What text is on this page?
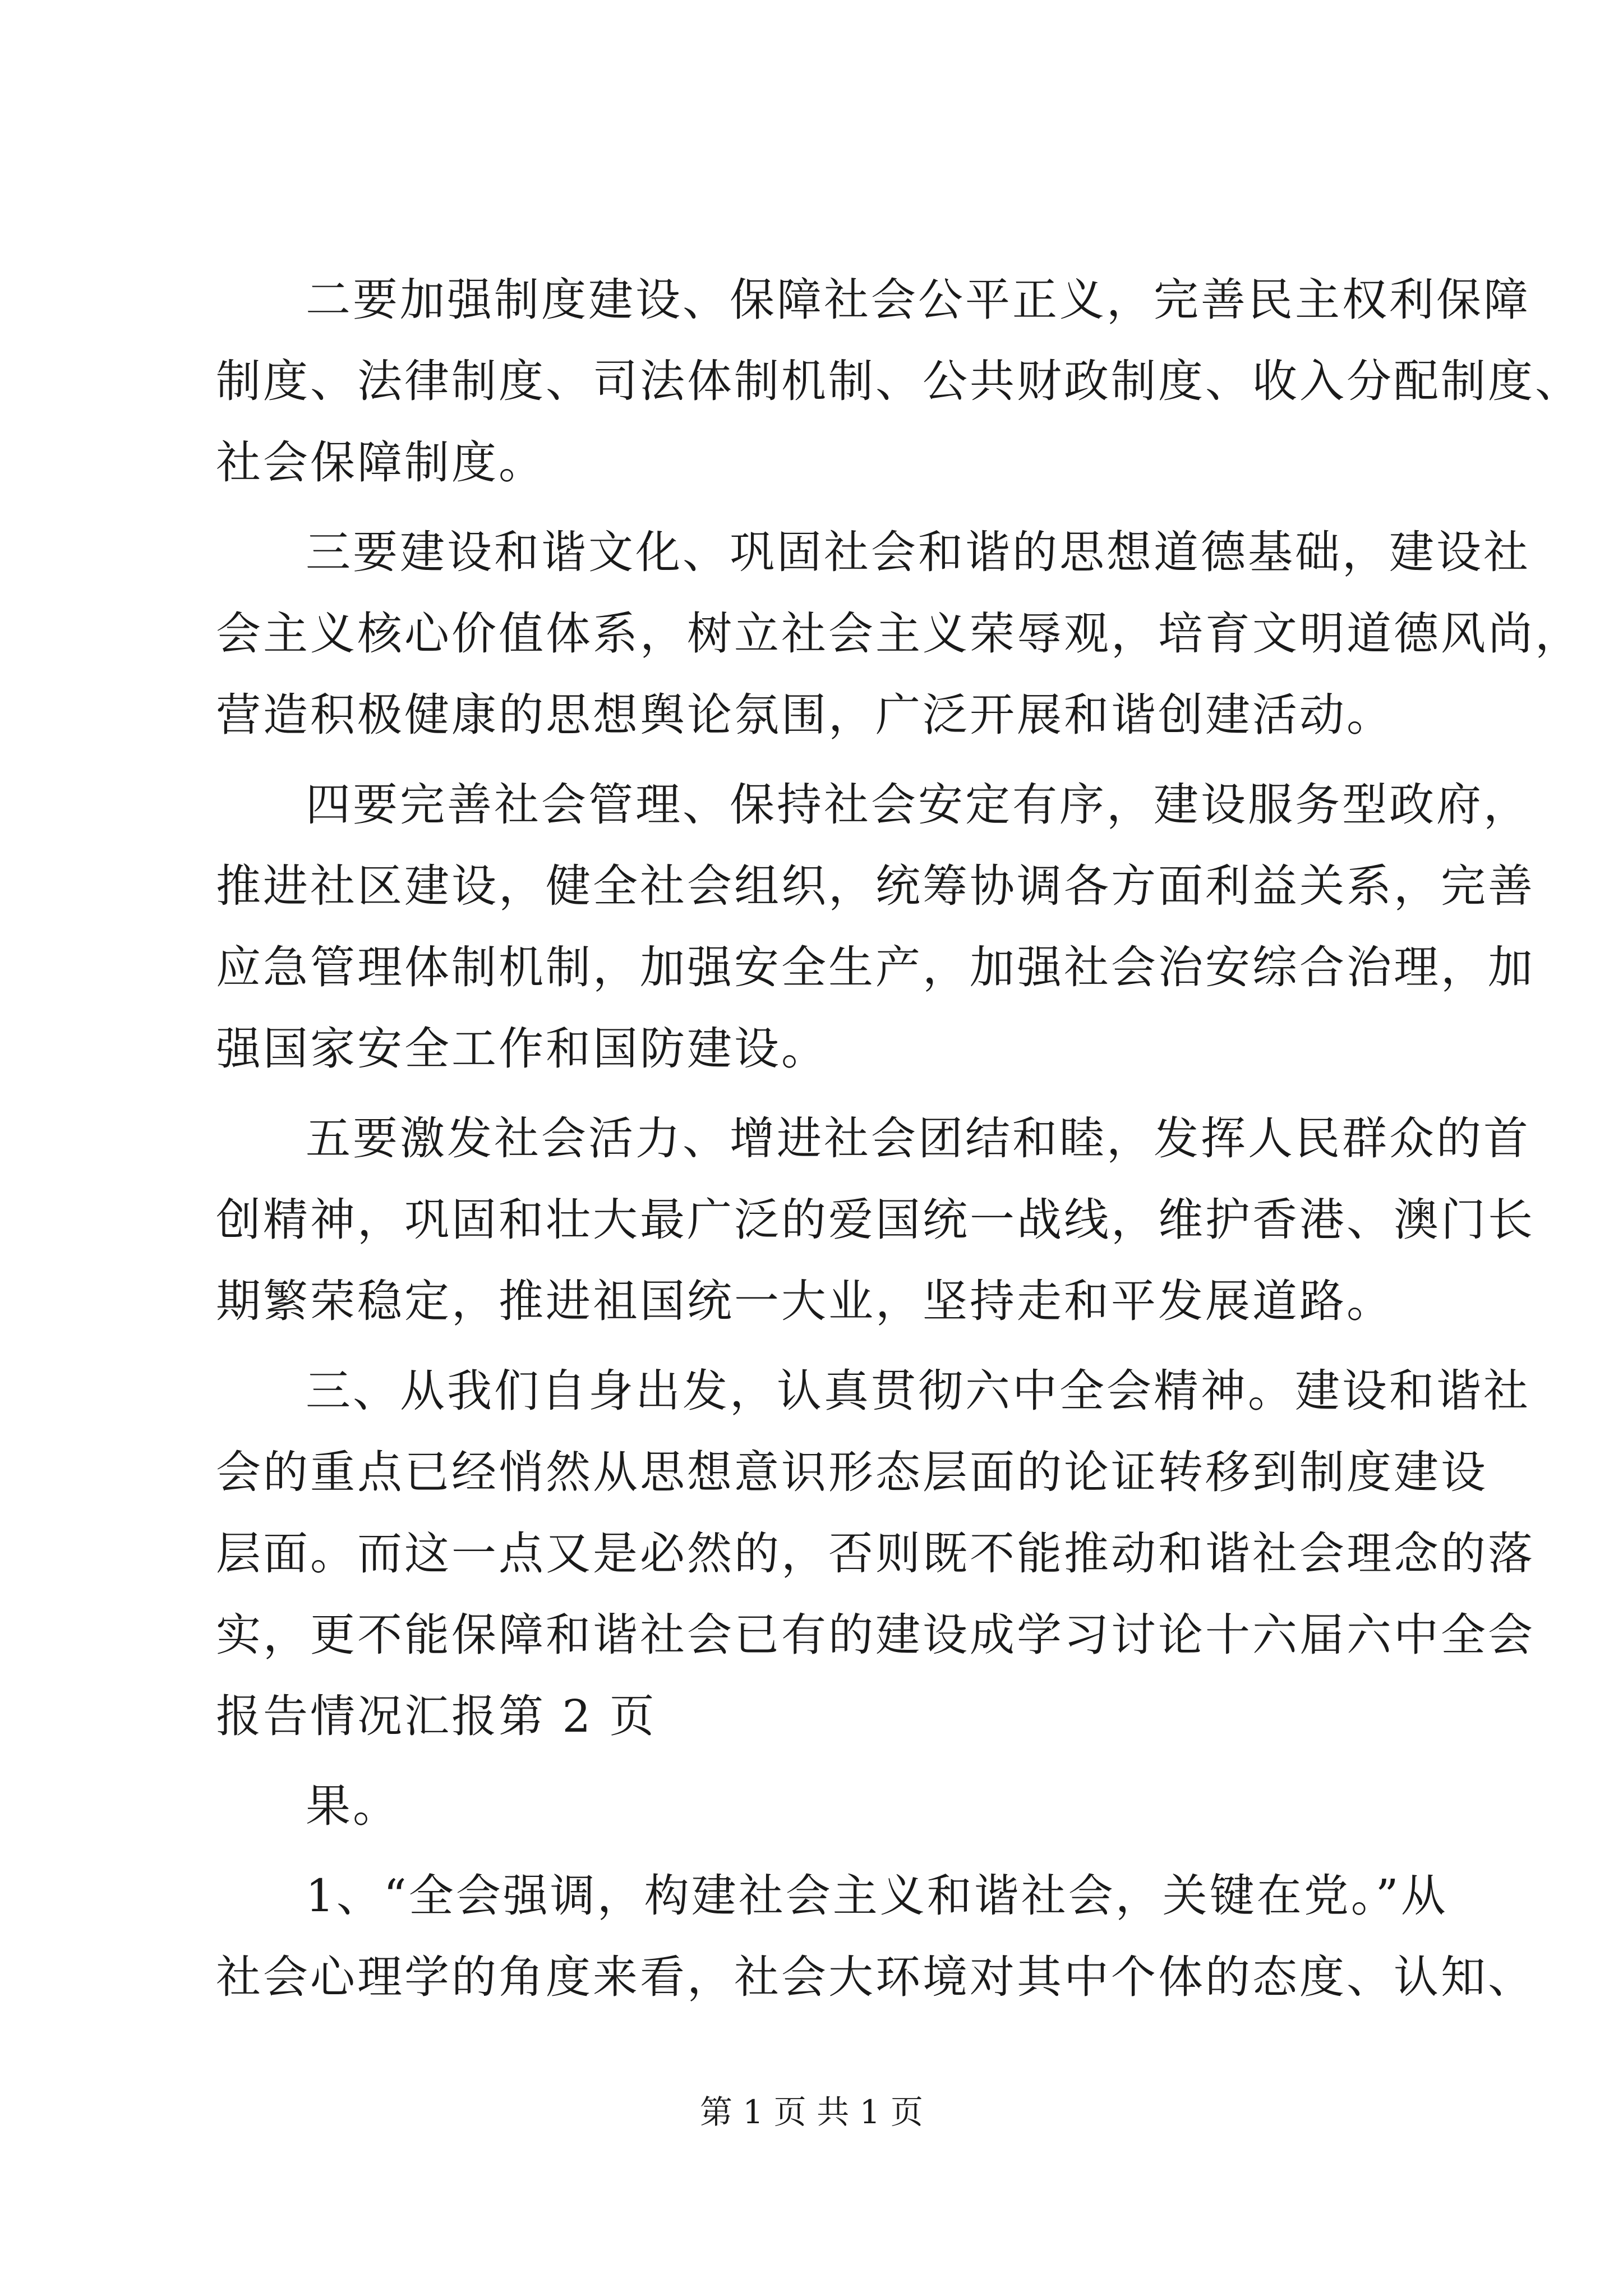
二要加强制度建设、保障社会公平正义，完善民主权利保障
制度、法律制度、司法体制机制、公共财政制度、收入分配制度、
社会保障制度。
三要建设和谐文化、巩固社会和谐的思想道德基础，建设社
会主义核心价值体系，树立社会主义荣辱观，培育文明道德风尚，
营造积极健康的思想舆论氛围，广泛开展和谐创建活动。
四要完善社会管理、保持社会安定有序，建设服务型政府，
推进社区建设，健全社会组织，统筹协调各方面利益关系，完善
应急管理体制机制，加强安全生产，加强社会治安综合治理，加
强国家安全工作和国防建设。
五要激发社会活力、增进社会团结和睦，发挥人民群众的首
创精神，巩固和壮大最广泛的爱国统一战线，维护香港、澳门长
期繁荣稳定，推进祖国统一大业，坚持走和平发展道路。
三、从我们自身出发，认真贯彻六中全会精神。建设和谐社
会的重点已经悄然从思想意识形态层面的论证转移到制度建设
层面。而这一点又是必然的，否则既不能推动和谐社会理念的落
实，更不能保障和谐社会已有的建设成学习讨论十六届六中全会
报告情况汇报第 2 页
果。
1、“全会强调，构建社会主义和谐社会，关键在党。”从
社会心理学的角度来看，社会大环境对其中个体的态度、认知、
第 1 页 共 1 页
